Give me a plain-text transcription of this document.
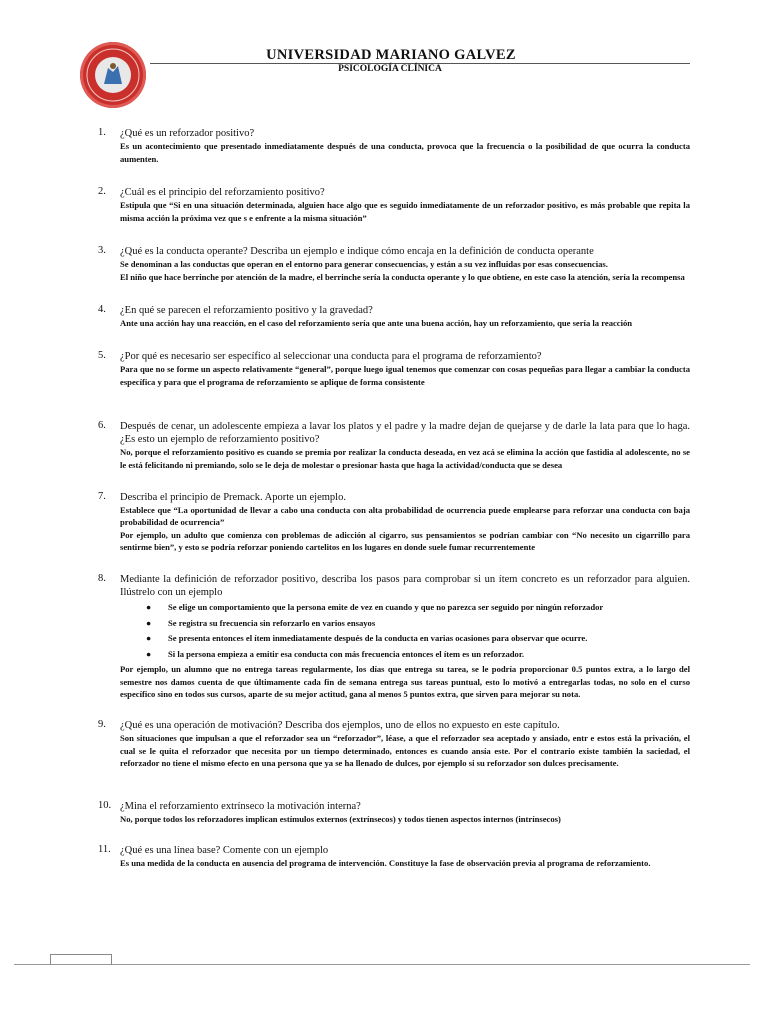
UNIVERSIDAD MARIANO GALVEZ
PSICOLOGÍA CLÍNICA
1. ¿Qué es un reforzador positivo?

Es un acontecimiento que presentado inmediatamente después de una conducta, provoca que la frecuencia o la posibilidad de que ocurra la conducta aumenten.

2. ¿Cuál es el principio del reforzamiento positivo?

Estipula que “Si en una situación determinada, alguien hace algo que es seguido inmediatamente de un reforzador positivo, es más probable que repita la misma acción la próxima vez que s e enfrente a la misma situación”

3. ¿Qué es la conducta operante? Describa un ejemplo e indique cómo encaja en la definición de conducta operante

Se denominan a las conductas que operan en el entorno para generar consecuencias, y están a su vez influidas por esas consecuencias.

El niño que hace berrinche por atención de la madre, el berrinche sería la conducta operante y lo que obtiene, en este caso la atención, sería la recompensa

4. ¿En qué se parecen el reforzamiento positivo y la gravedad?

Ante una acción hay una reacción, en el caso del reforzamiento sería que ante una buena acción, hay un reforzamiento, que sería la reacción

5. ¿Por qué es necesario ser específico al seleccionar una conducta para el programa de reforzamiento?

Para que no se forme un aspecto relativamente “general”, porque luego igual tenemos que comenzar con cosas pequeñas para llegar a cambiar la conducta específica y para que el programa de reforzamiento se aplique de forma consistente

6. Después de cenar, un adolescente empieza a lavar los platos y el padre y la madre dejan de quejarse y de darle la lata para que lo haga. ¿Es esto un ejemplo de reforzamiento positivo?

No, porque el reforzamiento positivo es cuando se premia por realizar la conducta deseada, en vez acá se elimina la acción que fastidia al adolescente, no se le está felicitando ni premiando, solo se le deja de molestar o presionar hasta que haga la actividad/conducta que se desea

7. Describa el principio de Premack. Aporte un ejemplo.

Establece que “La oportunidad de llevar a cabo una conducta con alta probabilidad de ocurrencia puede emplearse para reforzar una conducta con baja probabilidad de ocurrencia”

Por ejemplo, un adulto que comienza con problemas de adicción al cigarro, sus pensamientos se podrían cambiar con “No necesito un cigarrillo para sentirme bien”, y esto se podría reforzar poniendo cartelitos en los lugares en donde suele fumar recurrentemente

8. Mediante la definición de reforzador positivo, describa los pasos para comprobar si un ítem concreto es un reforzador para alguien. Ilústrelo con un ejemplo
● Se elige un comportamiento que la persona emite de vez en cuando y que no parezca ser seguido por ningún reforzador
● Se registra su frecuencia sin reforzarlo en varios ensayos
● Se presenta entonces el ítem inmediatamente después de la conducta en varias ocasiones para observar que ocurre.
● Si la persona empieza a emitir esa conducta con más frecuencia entonces el ítem es un reforzador.

Por ejemplo, un alumno que no entrega tareas regularmente, los días que entrega su tarea, se le podría proporcionar 0.5 puntos extra, a lo largo del semestre nos damos cuenta de que últimamente cada fin de semana entrega sus tareas puntual, esto lo motivó a entregarlas todas, no solo en el curso específico sino en todos sus cursos, aparte de su mejor actitud, gana al menos 5 puntos extra, que sirven para mejorar su nota.

9. ¿Qué es una operación de motivación? Describa dos ejemplos, uno de ellos no expuesto en este capítulo.

Son situaciones que impulsan a que el reforzador sea un “reforzador”, léase, a que el reforzador sea aceptado y ansiado, entr e estos está la privación, el cual se le quita el reforzador que necesita por un tiempo determinado, entonces es cuando ansía este. Por el contrario existe también la saciedad, el reforzador no tiene el mismo efecto en una persona que ya se ha llenado de dulces, por ejemplo si su reforzador son dulces precisamente.

10. ¿Mina el reforzamiento extrínseco la motivación interna?

No, porque todos los reforzadores implican estímulos externos (extrínsecos) y todos tienen aspectos internos (intrínsecos)

11. ¿Qué es una línea base? Comente con un ejemplo

Es una medida de la conducta en ausencia del programa de intervención. Constituye la fase de observación previa al programa de reforzamiento.
